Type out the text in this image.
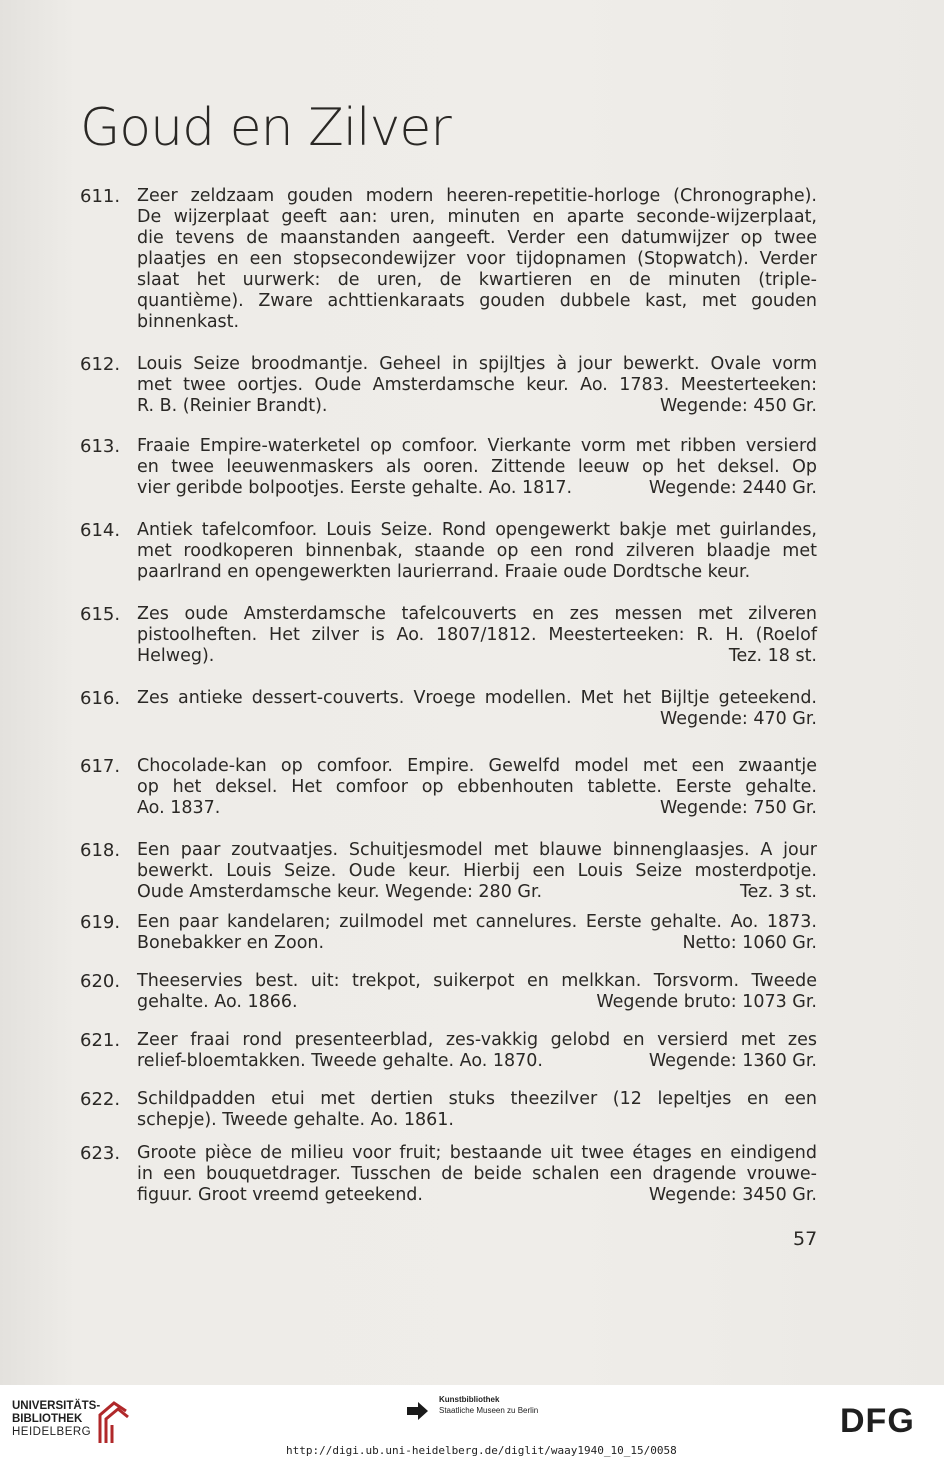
Goud en Zilver
611. Zeer zeldzaam gouden modern heeren-repetitie-horloge (Chronographe).
De wijzerplaat geeft aan: uren, minuten en aparte seconde-wijzerplaat,
die tevens de maanstanden aangeeft. Verder een datumwijzer op twee
plaatjes en een stopsecondewijzer voor tijdopnamen (Stopwatch). Verder
slaat het uurwerk: de uren, de kwartieren en de minuten (triple-
quantième). Zware achttienkaraats gouden dubbele kast, met gouden
binnenkast.
612. Louis Seize broodmantje. Geheel in spijltjes à jour bewerkt. Ovale vorm
met twee oortjes. Oude Amsterdamsche keur. Ao. 1783. Meesterteeken:
R. B. (Reinier Brandt).	Wegende: 450 Gr.
613. Fraaie Empire-waterketel op comfoor. Vierkante vorm met ribben versierd
en twee leeuwenmaskers als ooren. Zittende leeuw op het deksel. Op
vier geribde bolpootjes. Eerste gehalte. Ao. 1817.	Wegende: 2440 Gr.
614. Antiek tafelcomfoor. Louis Seize. Rond opengewerkt bakje met guirlandes,
met roodkoperen binnenbak, staande op een rond zilveren blaadje met
paarlrand en opengewerkten laurierrand. Fraaie oude Dordtsche keur.
615. Zes oude Amsterdamsche tafelcouverts en zes messen met zilveren
pistoolheften. Het zilver is Ao. 1807/1812. Meesterteeken: R. H. (Roelof
Helweg).	Tez. 18 st.
616. Zes antieke dessert-couverts. Vroege modellen. Met het Bijltje geteekend.
Wegende: 470 Gr.
617. Chocolade-kan op comfoor. Empire. Gewelfd model met een zwaantje
op het deksel. Het comfoor op ebbenhouten tablette. Eerste gehalte.
Ao. 1837.	Wegende: 750 Gr.
618. Een paar zoutvaatjes. Schuitjesmodel met blauwe binnenglaasjes. A jour
bewerkt. Louis Seize. Oude keur. Hierbij een Louis Seize mosterdpotje.
Oude Amsterdamsche keur. Wegende: 280 Gr.	Tez. 3 st.
619. Een paar kandelaren; zuilmodel met cannelures. Eerste gehalte. Ao. 1873.
Bonebakker en Zoon.	Netto: 1060 Gr.
620. Theeservies best. uit: trekpot, suikerpot en melkkan. Torsvorm. Tweede
gehalte. Ao. 1866.	Wegende bruto: 1073 Gr.
621. Zeer fraai rond presenteerblad, zes-vakkig gelobd en versierd met zes
relief-bloemtakken. Tweede gehalte. Ao. 1870.	Wegende: 1360 Gr.
622. Schildpadden etui met dertien stuks theezilver (12 lepeltjes en een
schepje). Tweede gehalte. Ao. 1861.
623. Groote pièce de milieu voor fruit; bestaande uit twee étages en eindigend
in een bouquetdrager. Tusschen de beide schalen een dragende vrouwe-
figuur. Groot vreemd geteekend.	Wegende: 3450 Gr.
57
UNIVERSITÄTS-
BIBLIOTHEK
HEIDELBERG
Kunstbibliothek
Staatliche Museen zu Berlin	DFG
http://digi.ub.uni-heidelberg.de/diglit/waay1940_10_15/0058
